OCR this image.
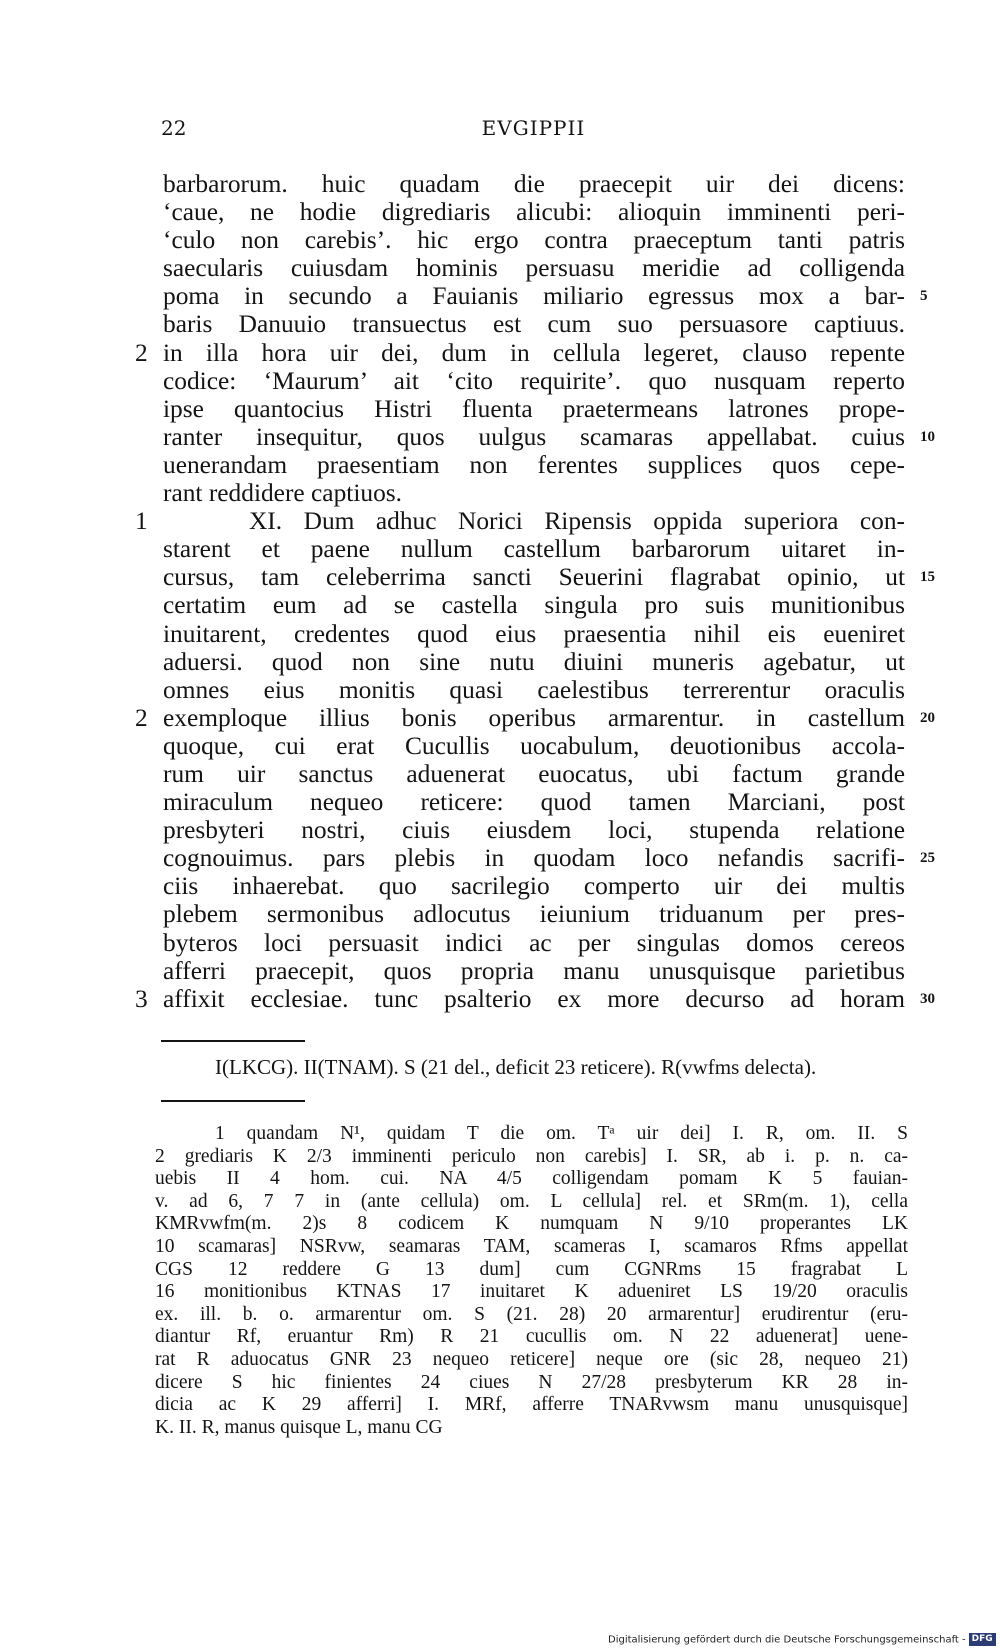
22	EVGIPPII
barbarorum. huic quadam die praecepit uir dei dicens:
‘caue, ne hodie digrediaris alicubi: alioquin imminenti peri-
‘culo non carebis’. hic ergo contra praeceptum tanti patris
saecularis cuiusdam hominis persuasu meridie ad colligenda
poma in secundo a Fauianis miliario egressus mox a bar- 5
baris Danuuio transuectus est cum suo persuasore captiuus.
2 in illa hora uir dei, dum in cellula legeret, clauso repente
codice: ‘Maurum’ ait ‘cito requirite’. quo nusquam reperto
ipse quantocius Histri fluenta praetermeans latrones prope-
ranter insequitur, quos uulgus scamaras appellabat. cuius 10
uenerandam praesentiam non ferentes supplices quos cepe-
rant reddidere captiuos.
1 XI. Dum adhuc Norici Ripensis oppida superiora con-
starent et paene nullum castellum barbarorum uitaret in-
cursus, tam celeberrima sancti Seuerini flagrabat opinio, ut 15
certatim eum ad se castella singula pro suis munitionibus
inuitarent, credentes quod eius praesentia nihil eis eueniret
aduersi. quod non sine nutu diuini muneris agebatur, ut
omnes eius monitis quasi caelestibus terrerentur oraculis
2 exemploque illius bonis operibus armarentur. in castellum 20
quoque, cui erat Cucullis uocabulum, deuotionibus accola-
rum uir sanctus aduenerat euocatus, ubi factum grande
miraculum nequeo reticere: quod tamen Marciani, post
presbyteri nostri, ciuis eiusdem loci, stupenda relatione
cognouimus. pars plebis in quodam loco nefandis sacrifi- 25
ciis inhaerebat. quo sacrilegio comperto uir dei multis
plebem sermonibus adlocutus ieiunium triduanum per pres-
byteros loci persuasit indici ac per singulas domos cereos
afferri praecepit, quos propria manu unusquisque parietibus
3 affixit ecclesiae. tunc psalterio ex more decurso ad horam 30
I(LKCG). II(TNAM). S (21 del., deficit 23 reticere). R(vwfms delecta).
1 quandam N¹, quidam T die om. Tᵃ uir dei] I. R, om. II. S
2 grediaris K 2/3 imminenti periculo non carebis] I. SR, ab i. p. n. ca-
uebis II 4 hom. cui. NA 4/5 colligendam pomam K 5 fauian-
v. ad 6, 7 7 in (ante cellula) om. L cellula] rel. et SRm(m. 1), cella
KMRvwfm(m. 2)s 8 codicem K numquam N 9/10 properantes LK
10 scamaras] NSRvw, seamaras TAM, scameras I, scamaros Rfms appellat
CGS 12 reddere G 13 dum] cum CGNRms 15 fragrabat L
16 monitionibus KTNAS 17 inuitaret K adueniret LS 19/20 oraculis
ex. ill. b. o. armarentur om. S (21. 28) 20 armarentur] erudirentur (eru-
diantur Rf, eruantur Rm) R 21 cucullis om. N 22 aduenerat] uene-
rat R aduocatus GNR 23 nequeo reticere] neque ore (sic 28, nequeo 21)
dicere S hic finientes 24 ciues N 27/28 presbyterum KR 28 in-
dicia ac K 29 afferri] I. MRf, afferre TNARvwsm manu unusquisque]
K. II. R, manus quisque L, manu CG
Digitalisierung gefördert durch die Deutsche Forschungsgemeinschaft - DFG
